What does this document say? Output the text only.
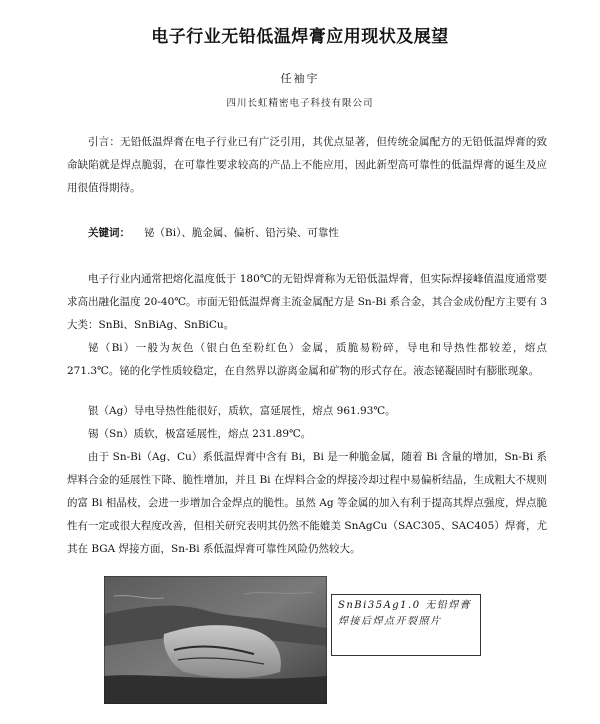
电子行业无铅低温焊膏应用现状及展望
任袖宇
四川长虹精密电子科技有限公司
引言：无铅低温焊膏在电子行业已有广泛引用，其优点显著，但传统金属配方的无铅低温焊膏的致命缺陷就是焊点脆弱，在可靠性要求较高的产品上不能应用，因此新型高可靠性的低温焊膏的诞生及应用很值得期待。
关键词： 铋（Bi）、脆金属、偏析、铅污染、可靠性
电子行业内通常把熔化温度低于 180℃的无铅焊膏称为无铅低温焊膏，但实际焊接峰值温度通常要求高出融化温度 20-40℃。市面无铅低温焊膏主流金属配方是 Sn-Bi 系合金，其合金成份配方主要有 3 大类：SnBi、SnBiAg、SnBiCu。
铋（Bi）一般为灰色（银白色至粉红色）金属，质脆易粉碎，导电和导热性都较差，熔点 271.3℃。铋的化学性质较稳定，在自然界以游离金属和矿物的形式存在。液态铋凝固时有膨胀现象。
银（Ag）导电导热性能很好，质软，富延展性，熔点 961.93℃。
锡（Sn）质软，极富延展性，熔点 231.89℃。
由于 Sn-Bi（Ag、Cu）系低温焊膏中含有 Bi，Bi 是一种脆金属，随着 Bi 含量的增加，Sn-Bi 系焊料合金的延展性下降、脆性增加，并且 Bi 在焊料合金的焊接冷却过程中易偏析结晶，生成粗大不规则的富 Bi 相晶枝，会进一步增加合金焊点的脆性。虽然 Ag 等金属的加入有利于提高其焊点强度，焊点脆性有一定或很大程度改善，但相关研究表明其仍然不能媲美 SnAgCu（SAC305、SAC405）焊膏，尤其在 BGA 焊接方面，Sn-Bi 系低温焊膏可靠性风险仍然较大。
SnBi35Ag1.0 无铅焊膏焊接后焊点开裂照片
